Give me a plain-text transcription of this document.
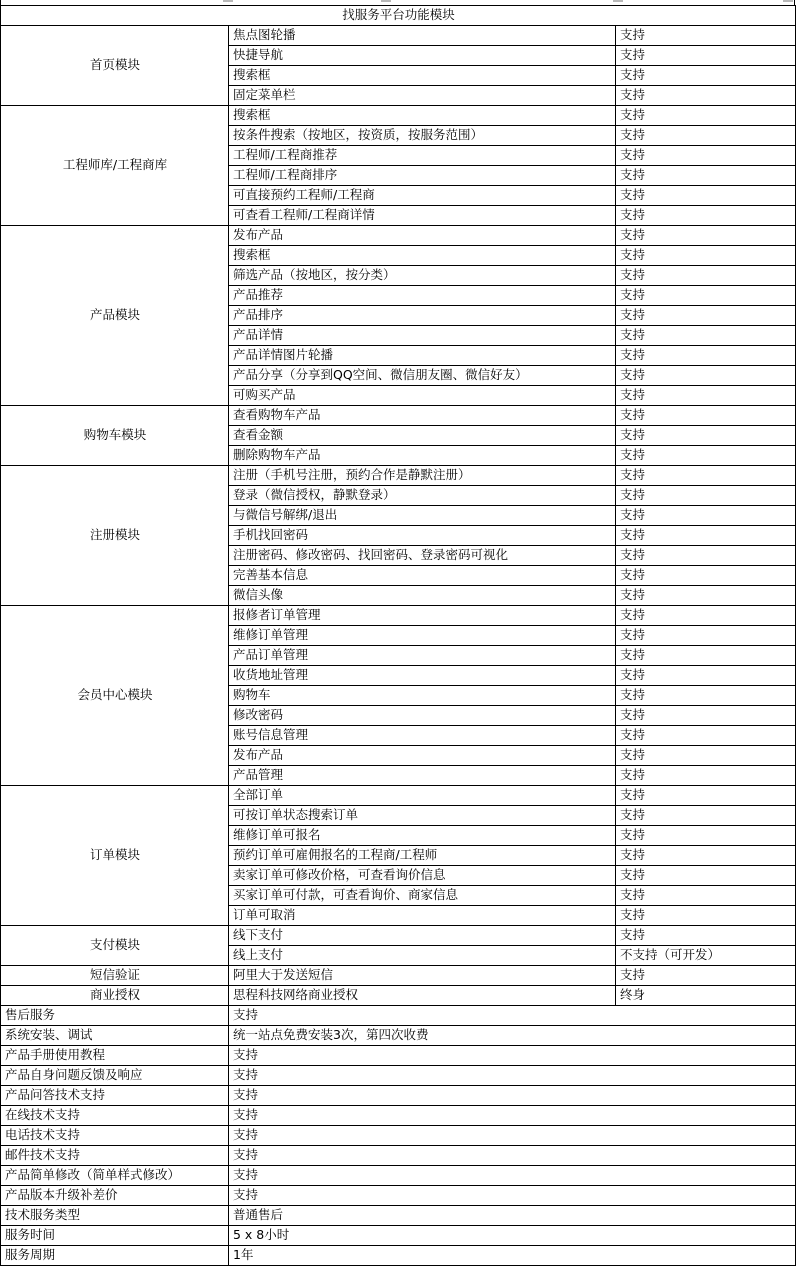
找服务平台功能模块		
首页模块	焦点图轮播	支持
	快捷导航	支持
	搜索框	支持
	固定菜单栏	支持
工程师库/工程商库	搜索框	支持
	按条件搜索（按地区，按资质，按服务范围）	支持
	工程师/工程商推荐	支持
	工程师/工程商排序	支持
	可直接预约工程师/工程商	支持
	可查看工程师/工程商详情	支持
产品模块	发布产品	支持
	搜索框	支持
	筛选产品（按地区，按分类）	支持
	产品推荐	支持
	产品排序	支持
	产品详情	支持
	产品详情图片轮播	支持
	产品分享（分享到QQ空间、微信朋友圈、微信好友）	支持
	可购买产品	支持
购物车模块	查看购物车产品	支持
	查看金额	支持
	删除购物车产品	支持
注册模块	注册（手机号注册，预约合作是静默注册）	支持
	登录（微信授权，静默登录）	支持
	与微信号解绑/退出	支持
	手机找回密码	支持
	注册密码、修改密码、找回密码、登录密码可视化	支持
	完善基本信息	支持
	微信头像	支持
会员中心模块	报修者订单管理	支持
	维修订单管理	支持
	产品订单管理	支持
	收货地址管理	支持
	购物车	支持
	修改密码	支持
	账号信息管理	支持
	发布产品	支持
	产品管理	支持
订单模块	全部订单	支持
	可按订单状态搜索订单	支持
	维修订单可报名	支持
	预约订单可雇佣报名的工程商/工程师	支持
	卖家订单可修改价格，可查看询价信息	支持
	买家订单可付款，可查看询价、商家信息	支持
	订单可取消	支持
支付模块	线下支付	支持
	线上支付	不支持（可开发）
短信验证	阿里大于发送短信	支持
商业授权	思程科技网络商业授权	终身
售后服务	支持	
系统安装、调试	统一站点免费安装3次，第四次收费	
产品手册使用教程	支持	
产品自身问题反馈及响应	支持	
产品问答技术支持	支持	
在线技术支持	支持	
电话技术支持	支持	
邮件技术支持	支持	
产品简单修改（简单样式修改）	支持	
产品版本升级补差价	支持	
技术服务类型	普通售后	
服务时间	5 x 8小时	
服务周期	1年	
